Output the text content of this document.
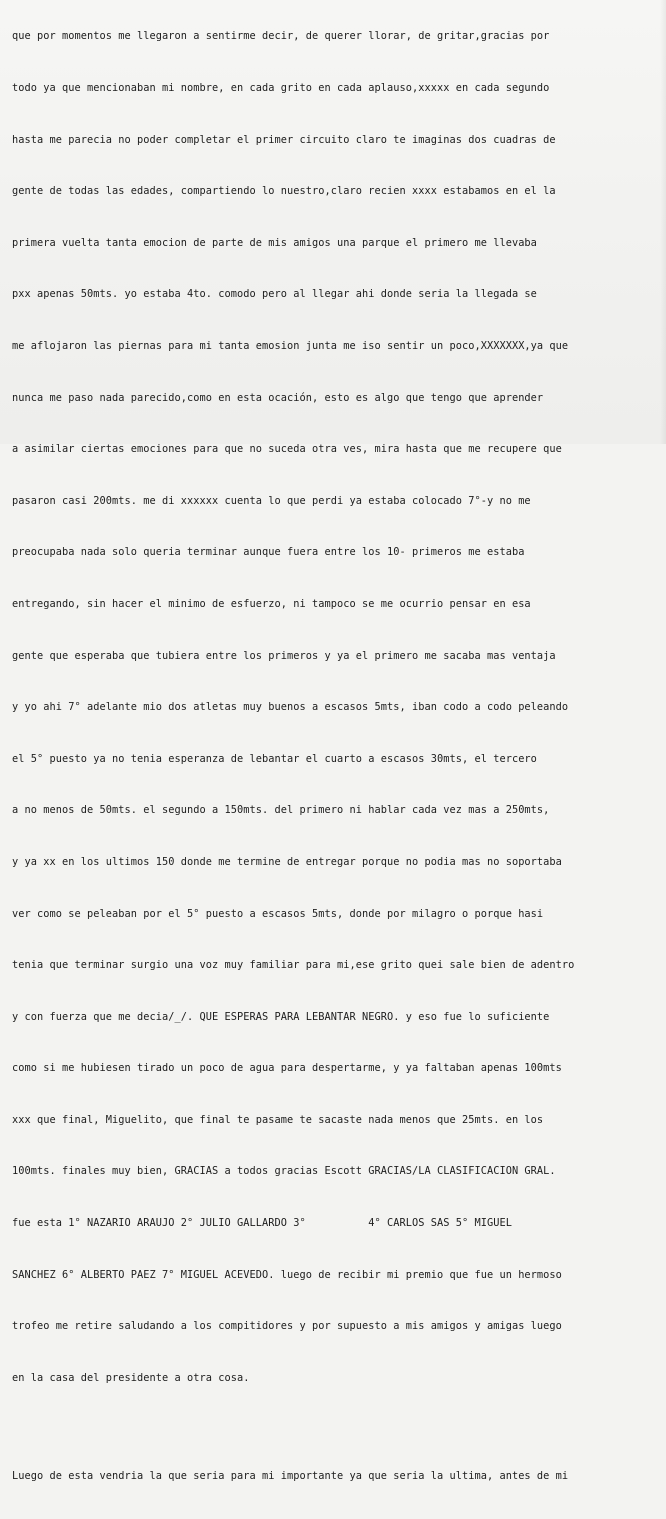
que por momentos me llegaron a sentirme decir, de querer llorar, de gritar,gracias por

todo ya que mencionaban mi nombre, en cada grito en cada aplauso,xxxxx en cada segundo

hasta me parecia no poder completar el primer circuito claro te imaginas dos cuadras de

gente de todas las edades, compartiendo lo nuestro,claro recien xxxx estabamos en el la

primera vuelta tanta emocion de parte de mis amigos una parque el primero me llevaba

pxx apenas 50mts. yo estaba 4to. comodo pero al llegar ahi donde seria la llegada se

me aflojaron las piernas para mi tanta emosion junta me iso sentir un poco,XXXXXXX,ya que

nunca me paso nada parecido,como en esta ocación, esto es algo que tengo que aprender

a asimilar ciertas emociones para que no suceda otra ves, mira hasta que me recupere que

pasaron casi 200mts. me di xxxxxx cuenta lo que perdi ya estaba colocado 7°-y no me

preocupaba nada solo queria terminar aunque fuera entre los 10- primeros me estaba

entregando, sin hacer el minimo de esfuerzo, ni tampoco se me ocurrio pensar en esa

gente que esperaba que tubiera entre los primeros y ya el primero me sacaba mas ventaja

y yo ahi 7° adelante mio dos atletas muy buenos a escasos 5mts, iban codo a codo peleando

el 5° puesto ya no tenia esperanza de lebantar el cuarto a escasos 30mts, el tercero

a no menos de 50mts. el segundo a 150mts. del primero ni hablar cada vez mas a 250mts,

y ya xx en los ultimos 150 donde me termine de entregar porque no podia mas no soportaba

ver como se peleaban por el 5° puesto a escasos 5mts, donde por milagro o porque hasi

tenia que terminar surgio una voz muy familiar para mi,ese grito quei sale bien de adentro

y con fuerza que me decia/_/. QUE ESPERAS PARA LEBANTAR NEGRO. y eso fue lo suficiente

como si me hubiesen tirado un poco de agua para despertarme, y ya faltaban apenas 100mts

xxx que final, Miguelito, que final te pasame te sacaste nada menos que 25mts. en los

100mts. finales muy bien, GRACIAS a todos gracias Escott GRACIAS/LA CLASIFICACION GRAL.

fue esta 1° NAZARIO ARAUJO 2° JULIO GALLARDO 3°          4° CARLOS SAS 5° MIGUEL

SANCHEZ 6° ALBERTO PAEZ 7° MIGUEL ACEVEDO. luego de recibir mi premio que fue un hermoso

trofeo me retire saludando a los compitidores y por supuesto a mis amigos y amigas luego

en la casa del presidente a otra cosa.

Luego de esta vendria la que seria para mi importante ya que seria la ultima, antes de mi
